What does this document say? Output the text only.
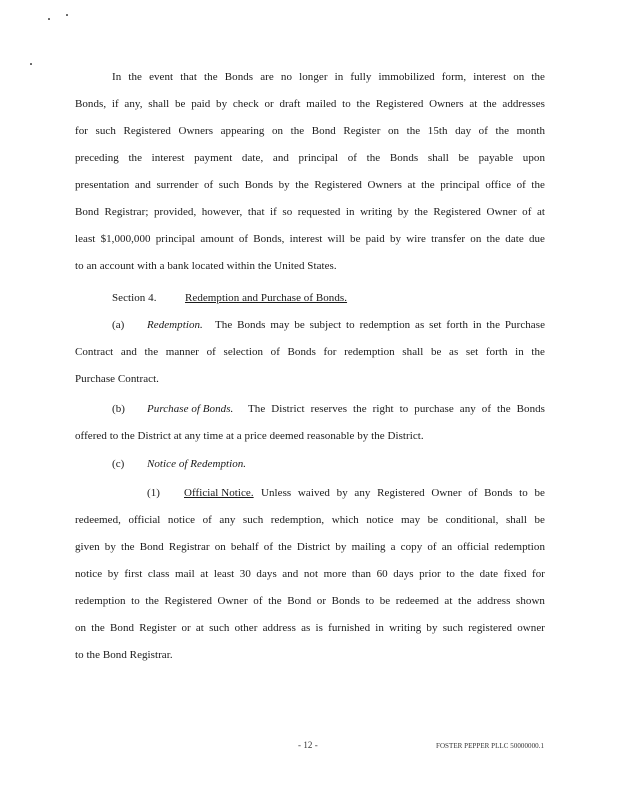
In the event that the Bonds are no longer in fully immobilized form, interest on the
Bonds, if any, shall be paid by check or draft mailed to the Registered Owners at the addresses
for such Registered Owners appearing on the Bond Register on the 15th day of the month
preceding the interest payment date, and principal of the Bonds shall be payable upon
presentation and surrender of such Bonds by the Registered Owners at the principal office of the
Bond Registrar; provided, however, that if so requested in writing by the Registered Owner of at
least $1,000,000 principal amount of Bonds, interest will be paid by wire transfer on the date due
to an account with a bank located within the United States.
Section 4.	Redemption and Purchase of Bonds.
(a) Redemption. The Bonds may be subject to redemption as set forth in the Purchase
Contract and the manner of selection of Bonds for redemption shall be as set forth in the
Purchase Contract.
(b) Purchase of Bonds. The District reserves the right to purchase any of the Bonds
offered to the District at any time at a price deemed reasonable by the District.
(c) Notice of Redemption.
(1) Official Notice. Unless waived by any Registered Owner of Bonds to be
redeemed, official notice of any such redemption, which notice may be conditional, shall be
given by the Bond Registrar on behalf of the District by mailing a copy of an official redemption
notice by first class mail at least 30 days and not more than 60 days prior to the date fixed for
redemption to the Registered Owner of the Bond or Bonds to be redeemed at the address shown
on the Bond Register or at such other address as is furnished in writing by such registered owner
to the Bond Registrar.
- 12 -	FOSTER PEPPER PLLC 50000000.1
